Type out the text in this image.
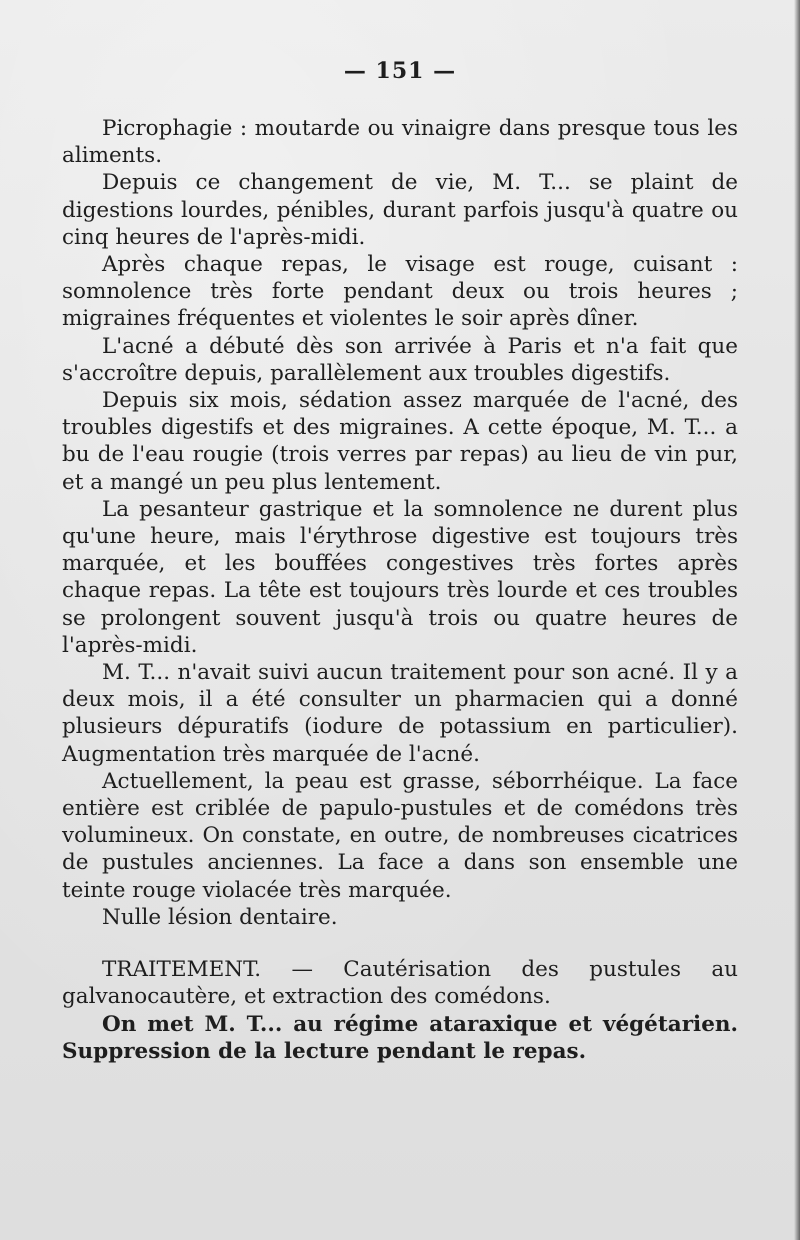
— 151 —

Picrophagie : moutarde ou vinaigre dans presque tous les aliments.

Depuis ce changement de vie, M. T... se plaint de digestions lourdes, pénibles, durant parfois jusqu'à quatre ou cinq heures de l'après-midi.

Après chaque repas, le visage est rouge, cuisant : somnolence très forte pendant deux ou trois heures ; migraines fréquentes et violentes le soir après dîner.

L'acné a débuté dès son arrivée à Paris et n'a fait que s'accroître depuis, parallèlement aux troubles digestifs.

Depuis six mois, sédation assez marquée de l'acné, des troubles digestifs et des migraines. A cette époque, M. T... a bu de l'eau rougie (trois verres par repas) au lieu de vin pur, et a mangé un peu plus lentement.

La pesanteur gastrique et la somnolence ne durent plus qu'une heure, mais l'érythrose digestive est toujours très marquée, et les bouffées congestives très fortes après chaque repas. La tête est toujours très lourde et ces troubles se prolongent souvent jusqu'à trois ou quatre heures de l'après-midi.

M. T... n'avait suivi aucun traitement pour son acné. Il y a deux mois, il a été consulter un pharmacien qui a donné plusieurs dépuratifs (iodure de potassium en particulier). Augmentation très marquée de l'acné.

Actuellement, la peau est grasse, séborrhéique. La face entière est criblée de papulo-pustules et de comédons très volumineux. On constate, en outre, de nombreuses cicatrices de pustules anciennes. La face a dans son ensemble une teinte rouge violacée très marquée.

Nulle lésion dentaire.

TRAITEMENT. — Cautérisation des pustules au galvanocautère, et extraction des comédons.

On met M. T... au régime ataraxique et végétarien. Suppression de la lecture pendant le repas.
